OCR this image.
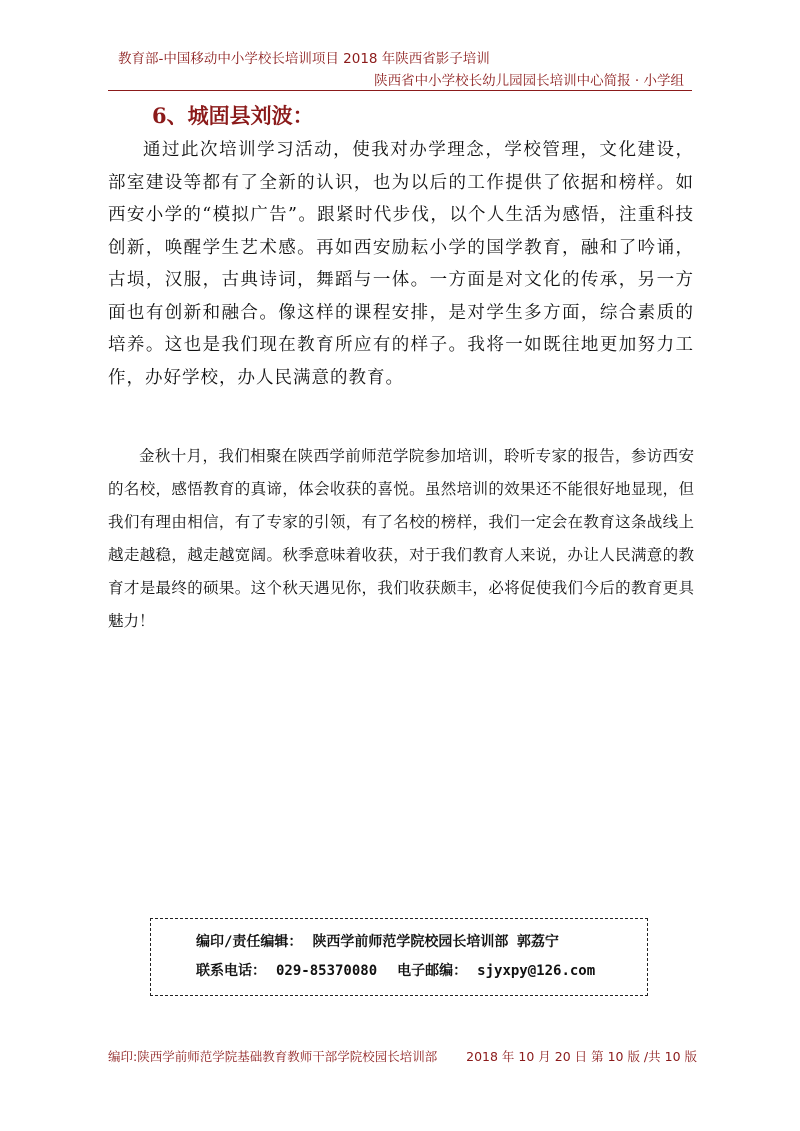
教育部-中国移动中小学校长培训项目 2018 年陕西省影子培训
陕西省中小学校长幼儿园园长培训中心简报 · 小学组
6、城固县刘波：

通过此次培训学习活动，使我对办学理念，学校管理，文化建设，部室建设等都有了全新的认识，也为以后的工作提供了依据和榜样。如西安小学的“模拟广告”。跟紧时代步伐，以个人生活为感悟，注重科技创新，唤醒学生艺术感。再如西安励耘小学的国学教育，融和了吟诵，古埙，汉服，古典诗词，舞蹈与一体。一方面是对文化的传承，另一方面也有创新和融合。像这样的课程安排，是对学生多方面，综合素质的培养。这也是我们现在教育所应有的样子。我将一如既往地更加努力工作，办好学校，办人民满意的教育。

金秋十月，我们相聚在陕西学前师范学院参加培训，聆听专家的报告，参访西安的名校，感悟教育的真谛，体会收获的喜悦。虽然培训的效果还不能很好地显现，但我们有理由相信，有了专家的引领，有了名校的榜样，我们一定会在教育这条战线上越走越稳，越走越宽阔。秋季意味着收获，对于我们教育人来说，办让人民满意的教育才是最终的硕果。这个秋天遇见你，我们收获颇丰，必将促使我们今后的教育更具魅力！

编印/责任编辑： 陕西学前师范学院校园长培训部 郭荔宁
联系电话： 029-85370080 电子邮编： sjyxpy@126.com
编印:陕西学前师范学院基础教育教师干部学院校园长培训部 2018 年 10 月 20 日 第 10 版 /共 10 版
